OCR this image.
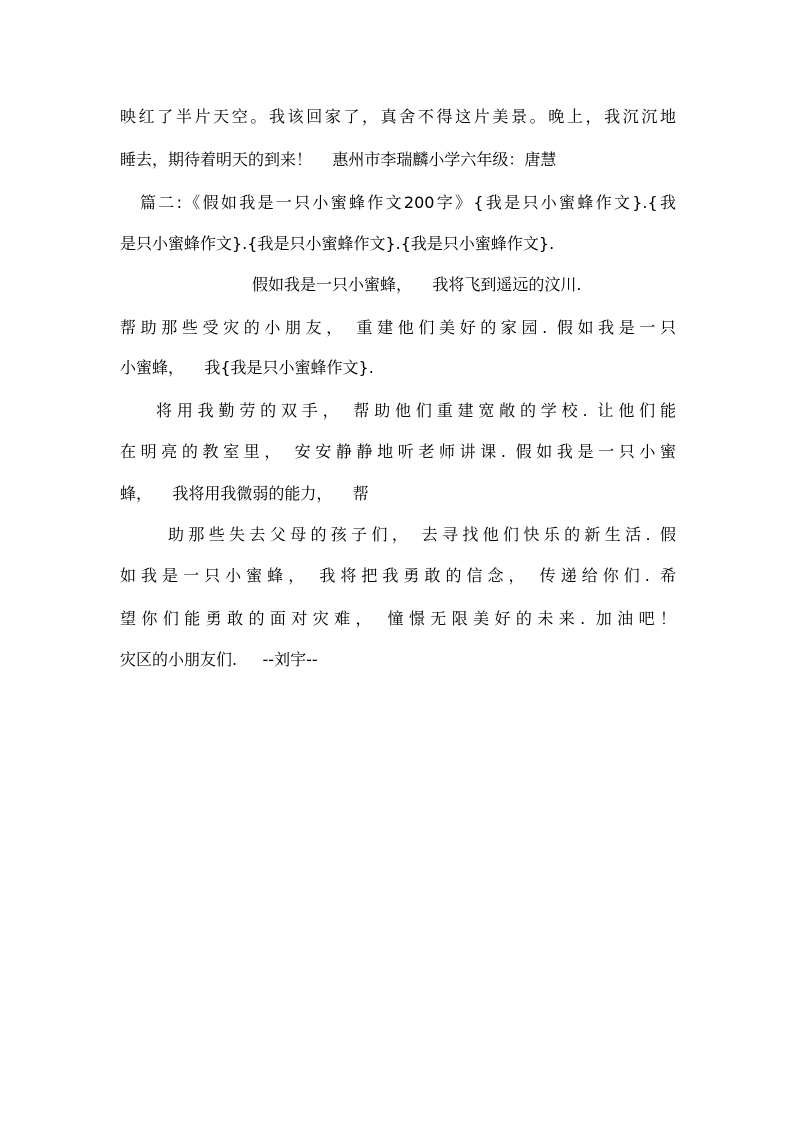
映红了半片天空。我该回家了，真舍不得这片美景。晚上，我沉沉地
睡去，期待着明天的到来！    惠州市李瑞麟小学六年级：唐慧
篇二:《假如我是一只小蜜蜂作文200字》{我是只小蜜蜂作文}.{我
是只小蜜蜂作文}.{我是只小蜜蜂作文}.{我是只小蜜蜂作文}.
假如我是一只小蜜蜂，    我将飞到遥远的汶川.
帮助那些受灾的小朋友， 重建他们美好的家园. 假如我是一只
小蜜蜂，    我{我是只小蜜蜂作文}.
将用我勤劳的双手， 帮助他们重建宽敞的学校. 让他们能
在明亮的教室里， 安安静静地听老师讲课. 假如我是一只小蜜
蜂，    我将用我微弱的能力，    帮
助那些失去父母的孩子们， 去寻找他们快乐的新生活. 假
如我是一只小蜜蜂， 我将把我勇敢的信念， 传递给你们. 希
望你们能勇敢的面对灾难， 憧憬无限美好的未来. 加油吧！
灾区的小朋友们.     --刘宇--
